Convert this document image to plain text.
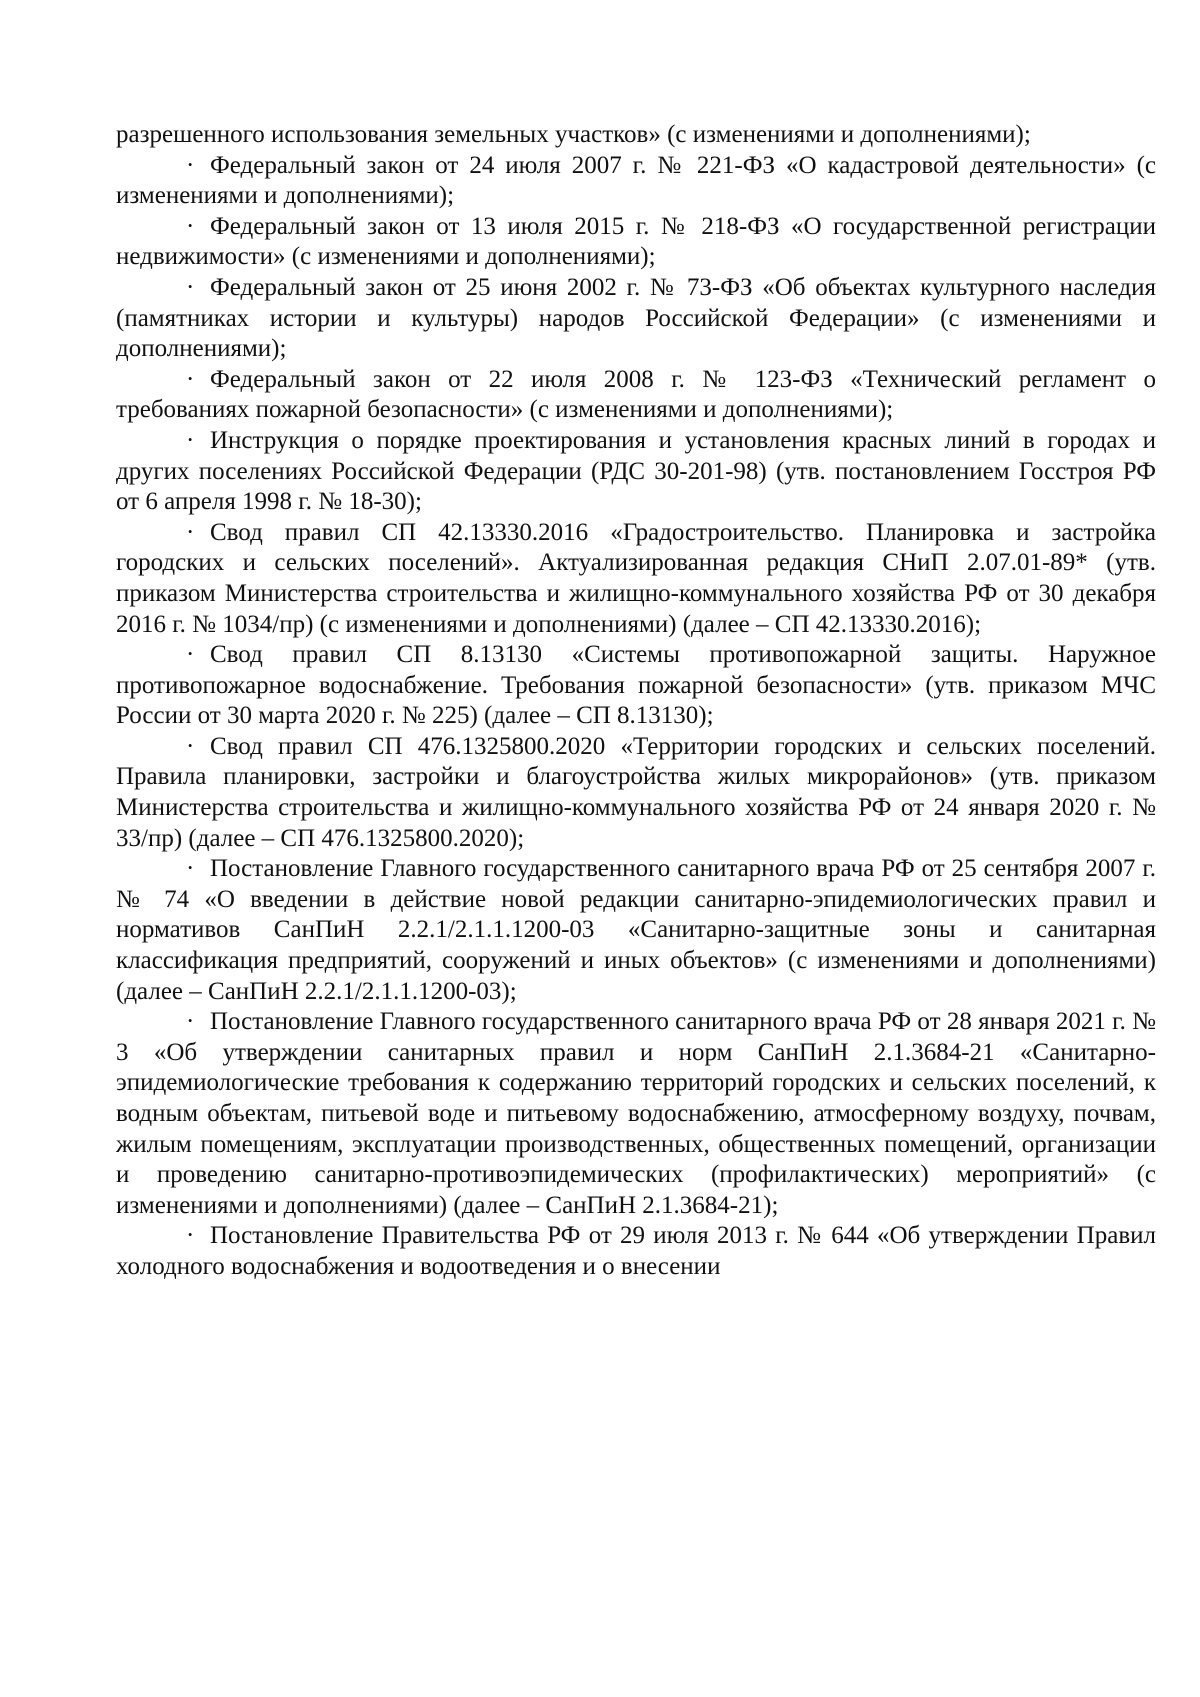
разрешенного использования земельных участков» (с изменениями и дополнениями);

· Федеральный закон от 24 июля 2007 г. № 221-ФЗ «О кадастровой деятельности» (с изменениями и дополнениями);

· Федеральный закон от 13 июля 2015 г. № 218-ФЗ «О государственной регистрации недвижимости» (с изменениями и дополнениями);

· Федеральный закон от 25 июня 2002 г. № 73-ФЗ «Об объектах культурного наследия (памятниках истории и культуры) народов Российской Федерации» (с изменениями и дополнениями);

· Федеральный закон от 22 июля 2008 г. № 123-ФЗ «Технический регламент о требованиях пожарной безопасности» (с изменениями и дополнениями);

· Инструкция о порядке проектирования и установления красных линий в городах и других поселениях Российской Федерации (РДС 30-201-98) (утв. постановлением Госстроя РФ от 6 апреля 1998 г. № 18-30);

· Свод правил СП 42.13330.2016 «Градостроительство. Планировка и застройка городских и сельских поселений». Актуализированная редакция СНиП 2.07.01-89* (утв. приказом Министерства строительства и жилищно-коммунального хозяйства РФ от 30 декабря 2016 г. № 1034/пр) (с изменениями и дополнениями) (далее – СП 42.13330.2016);

· Свод правил СП 8.13130 «Системы противопожарной защиты. Наружное противопожарное водоснабжение. Требования пожарной безопасности» (утв. приказом МЧС России от 30 марта 2020 г. № 225) (далее – СП 8.13130);

· Свод правил СП 476.1325800.2020 «Территории городских и сельских поселений. Правила планировки, застройки и благоустройства жилых микрорайонов» (утв. приказом Министерства строительства и жилищно-коммунального хозяйства РФ от 24 января 2020 г. № 33/пр) (далее – СП 476.1325800.2020);

· Постановление Главного государственного санитарного врача РФ от 25 сентября 2007 г. № 74 «О введении в действие новой редакции санитарно-эпидемиологических правил и нормативов СанПиН 2.2.1/2.1.1.1200-03 «Санитарно-защитные зоны и санитарная классификация предприятий, сооружений и иных объектов» (с изменениями и дополнениями) (далее – СанПиН 2.2.1/2.1.1.1200-03);

· Постановление Главного государственного санитарного врача РФ от 28 января 2021 г. № 3 «Об утверждении санитарных правил и норм СанПиН 2.1.3684-21 «Санитарно-эпидемиологические требования к содержанию территорий городских и сельских поселений, к водным объектам, питьевой воде и питьевому водоснабжению, атмосферному воздуху, почвам, жилым помещениям, эксплуатации производственных, общественных помещений, организации и проведению санитарно-противоэпидемических (профилактических) мероприятий» (с изменениями и дополнениями) (далее – СанПиН 2.1.3684-21);

· Постановление Правительства РФ от 29 июля 2013 г. № 644 «Об утверждении Правил холодного водоснабжения и водоотведения и о внесении
